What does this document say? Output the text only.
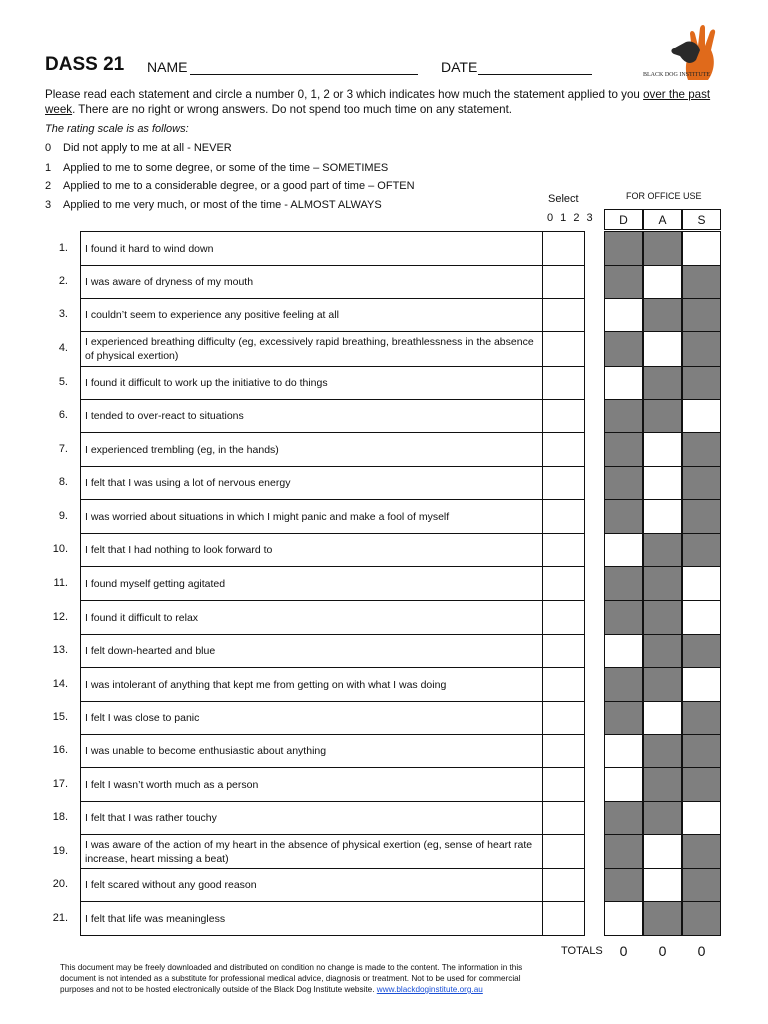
DASS 21 NAME	DATE	BLACK DOG INSTITUTE
Please read each statement and circle a number 0, 1, 2 or 3 which indicates how much the statement applied to you over the past week. There are no right or wrong answers. Do not spend too much time on any statement.
The rating scale is as follows:
0 Did not apply to me at all - NEVER
1 Applied to me to some degree, or some of the time – SOMETIMES
2 Applied to me to a considerable degree, or a good part of time – OFTEN
3 Applied to me very much, or most of the time - ALMOST ALWAYS	Select
0 1 2 3
FOR OFFICE USE
D	A	S
1.	I found it hard to wind down
2.	I was aware of dryness of my mouth
3.	I couldn’t seem to experience any positive feeling at all
4.	I experienced breathing difficulty (eg, excessively rapid breathing, breathlessness in the absence of physical exertion)
5.	I found it difficult to work up the initiative to do things
6.	I tended to over-react to situations
7.	I experienced trembling (eg, in the hands)
8.	I felt that I was using a lot of nervous energy
9.	I was worried about situations in which I might panic and make a fool of myself
10.	I felt that I had nothing to look forward to
11.	I found myself getting agitated
12.	I found it difficult to relax
13.	I felt down-hearted and blue
14.	I was intolerant of anything that kept me from getting on with what I was doing
15.	I felt I was close to panic
16.	I was unable to become enthusiastic about anything
17.	I felt I wasn’t worth much as a person
18.	I felt that I was rather touchy
19.	I was aware of the action of my heart in the absence of physical exertion (eg, sense of heart rate increase, heart missing a beat)
20.	I felt scared without any good reason
21.	I felt that life was meaningless
TOTALS	0	0	0
This document may be freely downloaded and distributed on condition no change is made to the content. The information in this document is not intended as a substitute for professional medical advice, diagnosis or treatment. Not to be used for commercial purposes and not to be hosted electronically outside of the Black Dog Institute website. www.blackdoginstitute.org.au
